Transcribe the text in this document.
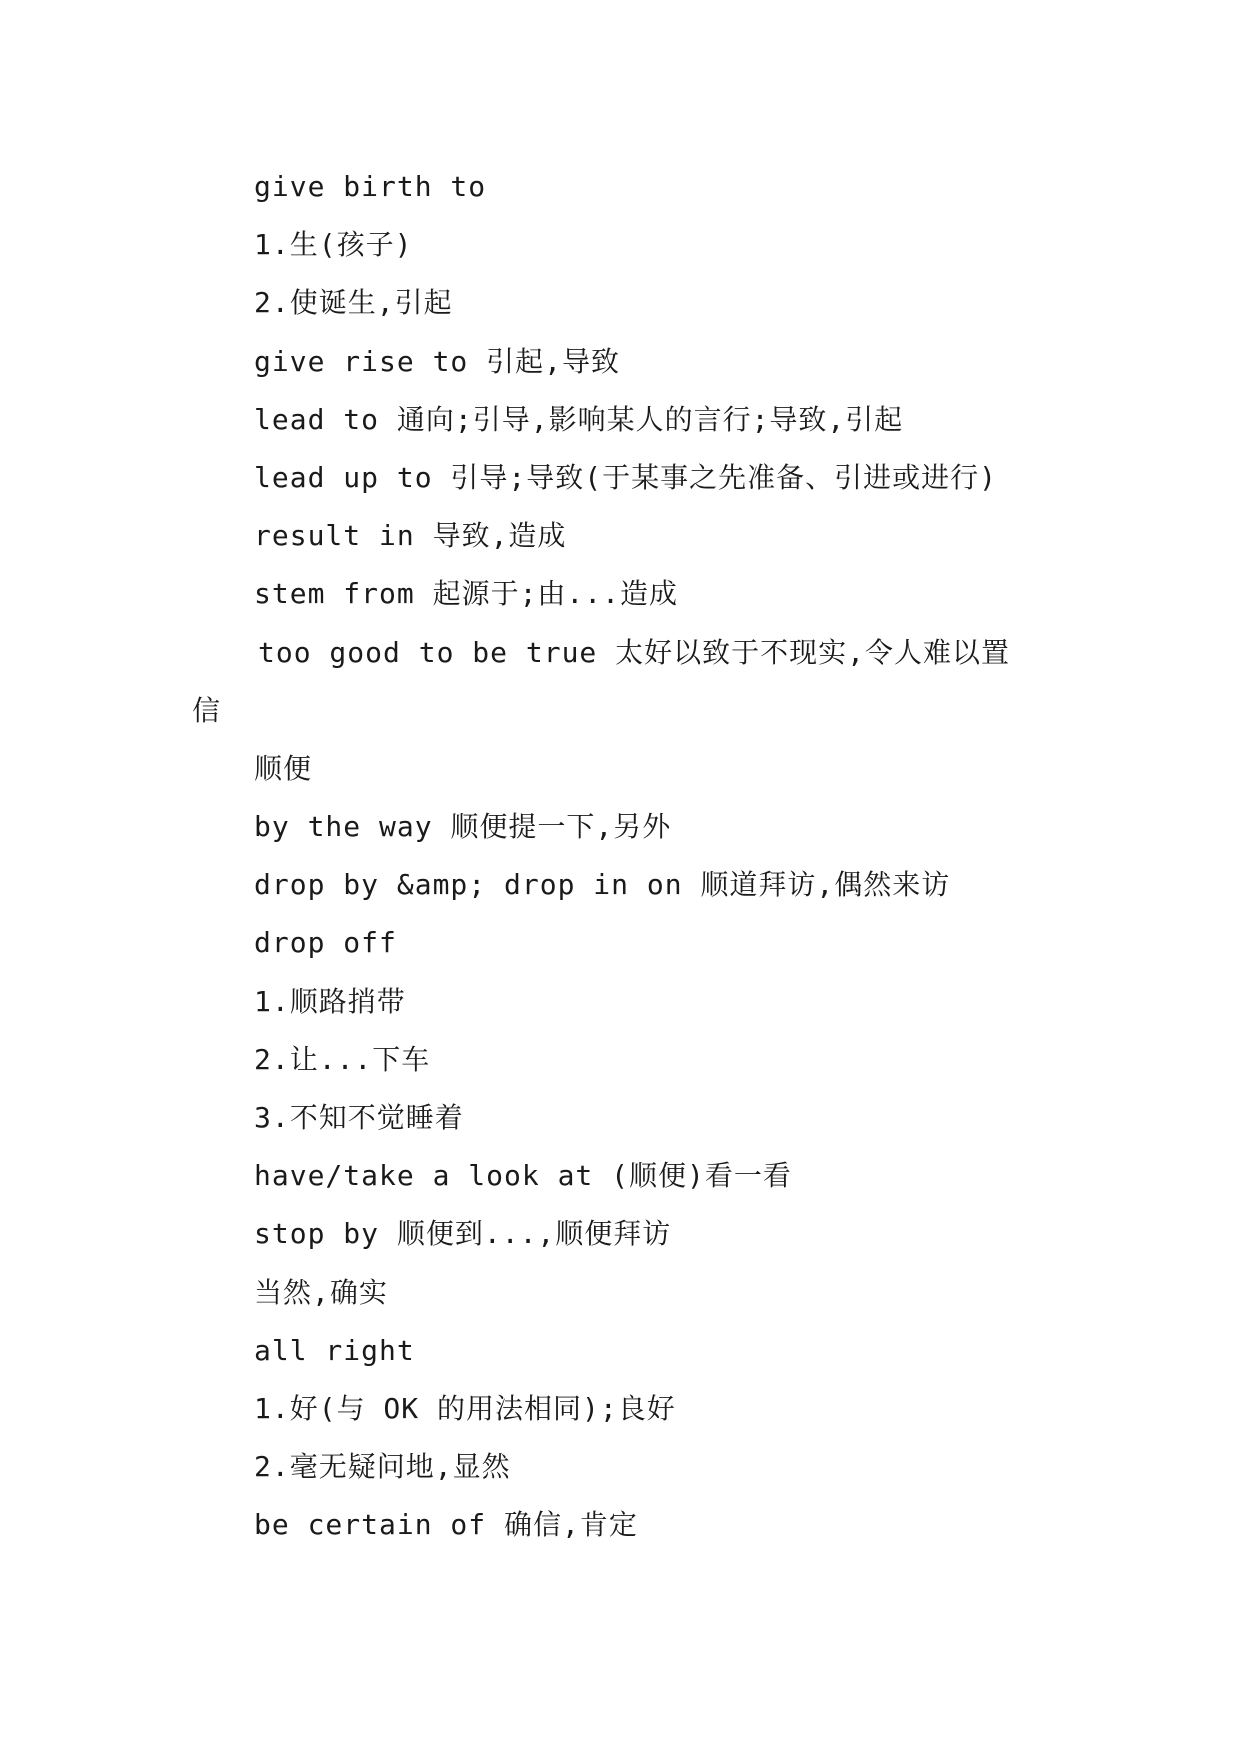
give birth to
1.生(孩子)
2.使诞生,引起
give rise to 引起,导致
lead to 通向;引导,影响某人的言行;导致,引起
lead up to 引导;导致(于某事之先准备、引进或进行)
result in 导致,造成
stem from 起源于;由...造成
too good to be true 太好以致于不现实,令人难以置
信
顺便
by the way 顺便提一下,另外
drop by &amp; drop in on 顺道拜访,偶然来访
drop off
1.顺路捎带
2.让...下车
3.不知不觉睡着
have/take a look at (顺便)看一看
stop by 顺便到...,顺便拜访
当然,确实
all right
1.好(与 OK 的用法相同);良好
2.毫无疑问地,显然
be certain of 确信,肯定
